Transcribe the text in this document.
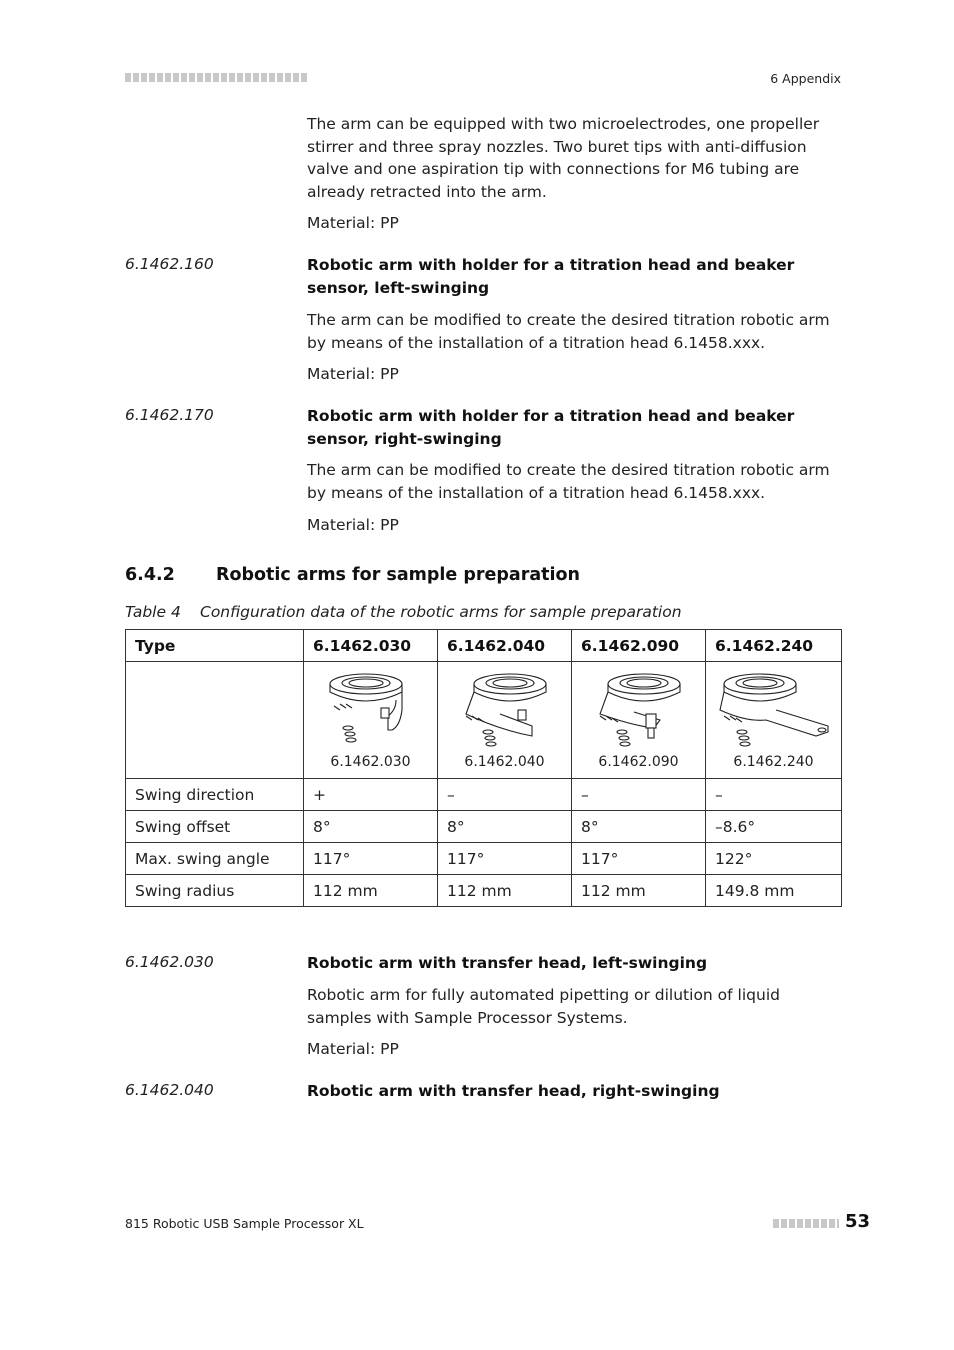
6 Appendix
The arm can be equipped with two microelectrodes, one propeller stirrer and three spray nozzles. Two buret tips with anti-diffusion valve and one aspiration tip with connections for M6 tubing are already retracted into the arm.
Material: PP
6.1462.160	Robotic arm with holder for a titration head and beaker sensor, left-swinging
The arm can be modified to create the desired titration robotic arm by means of the installation of a titration head 6.1458.xxx.
Material: PP
6.1462.170	Robotic arm with holder for a titration head and beaker sensor, right-swinging
The arm can be modified to create the desired titration robotic arm by means of the installation of a titration head 6.1458.xxx.
Material: PP
6.4.2 Robotic arms for sample preparation
Table 4 Configuration data of the robotic arms for sample preparation
Type	6.1462.030	6.1462.040	6.1462.090	6.1462.240

	6.1462.030	6.1462.040	6.1462.090	6.1462.240

Swing direction	+	–	–	–
Swing offset	8°	8°	8°	–8.6°
Max. swing angle	117°	117°	117°	122°
Swing radius	112 mm	112 mm	112 mm	149.8 mm
6.1462.030	Robotic arm with transfer head, left-swinging
Robotic arm for fully automated pipetting or dilution of liquid samples with Sample Processor Systems.
Material: PP
6.1462.040	Robotic arm with transfer head, right-swinging
815 Robotic USB Sample Processor XL	53
